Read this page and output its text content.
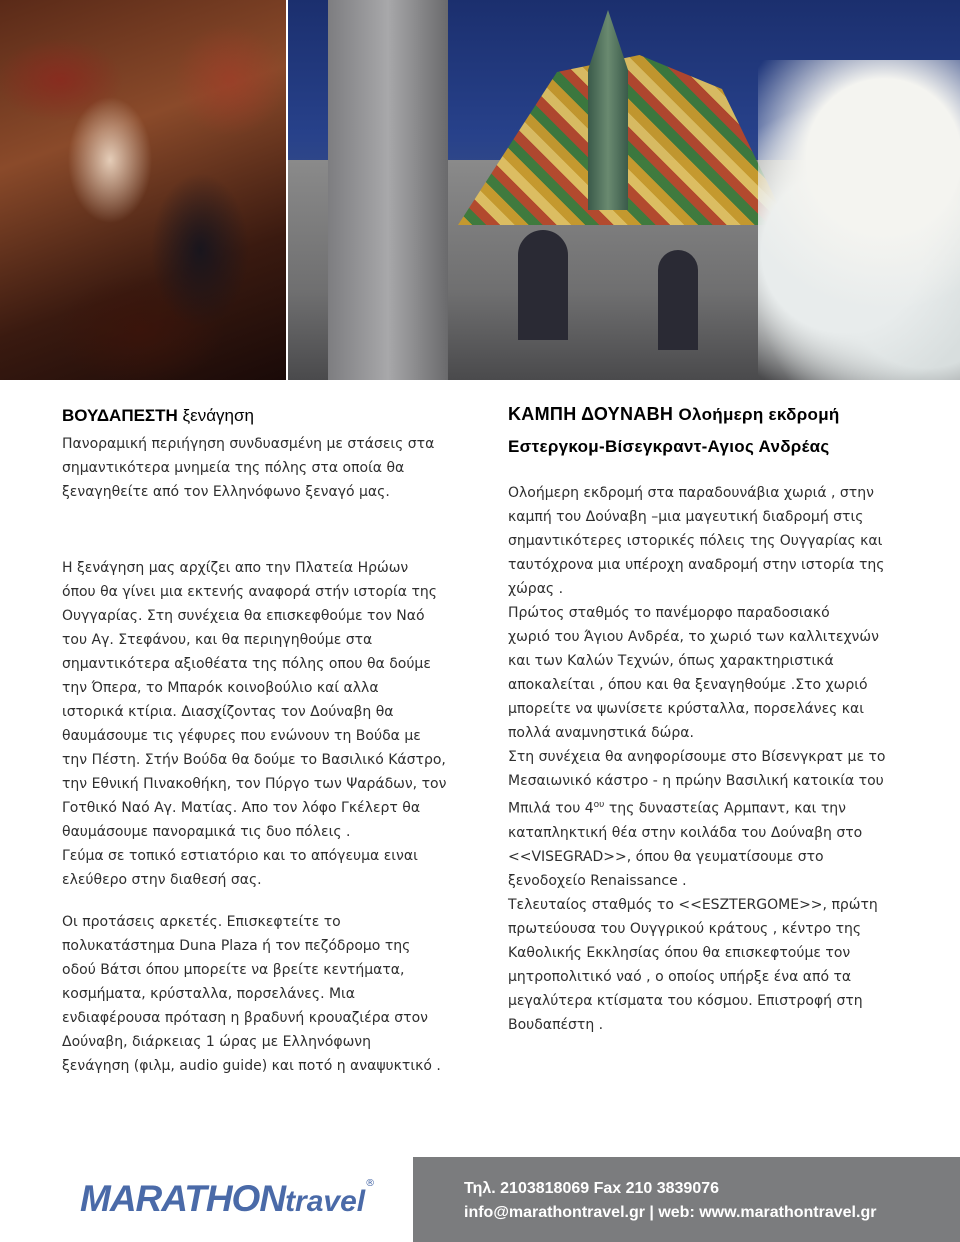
ΒΟΥΔΑΠΕΣΤΗ ξενάγηση
Πανοραμική περιήγηση συνδυασμένη με στάσεις στα
σημαντικότερα μνημεία της πόλης στα οποία θα
ξεναγηθείτε από τον Ελληνόφωνο ξεναγό μας.
Η ξενάγηση μας αρχίζει απο την Πλατεία Ηρώων
όπου θα γίνει μια εκτενής αναφορά στήν ιστορία της
Ουγγαρίας. Στη συνέχεια θα επισκεφθούμε τον Ναό
του Αγ. Στεφάνου, και θα περιηγηθούμε στα
σημαντικότερα αξιοθέατα της πόλης οπου θα δούμε
την Όπερα, το Μπαρόκ κοινοβούλιο καί αλλα
ιστορικά κτίρια. Διασχίζοντας τον Δούναβη θα
θαυμάσουμε τις γέφυρες που ενώνουν τη Βούδα με
την Πέστη. Στήν Βούδα θα δούμε το Βασιλικό Κάστρο,
την Εθνική Πινακοθήκη, τον Πύργο των Ψαράδων, τον
Γοτθικό Ναό Αγ. Ματίας. Απο τον λόφο Γκέλερτ θα
θαυμάσουμε πανοραμικά τις δυο πόλεις .
Γεύμα σε τοπικό εστιατόριο και το απόγευμα ειναι
ελεύθερο στην διαθεσή σας.
Οι προτάσεις αρκετές. Επισκεφτείτε το
πολυκατάστημα Duna Plaza ή τον πεζόδρομο της
οδού Βάτσι όπου μπορείτε να βρείτε κεντήματα,
κοσμήματα, κρύσταλλα, πορσελάνες. Μια
ενδιαφέρουσα πρόταση η βραδυνή κρουαζιέρα στον
Δούναβη, διάρκειας 1 ώρας με Ελληνόφωνη
ξενάγηση (φιλμ, audio guide) και ποτό η αναψυκτικό .
ΚΑΜΠΗ ΔΟΥΝΑΒΗ Ολοήμερη εκδρομή
Εστεργκομ-Βίσεγκραντ-Αγιος Ανδρέας
Ολοήμερη εκδρομή στα παραδουνάβια χωριά , στην
καμπή του Δούναβη –μια μαγευτική διαδρομή στις
σημαντικότερες ιστορικές πόλεις της Ουγγαρίας και
ταυτόχρονα μια υπέροχη αναδρομή στην ιστορία της
χώρας .
Πρώτος σταθμός το πανέμορφο παραδοσιακό
χωριό του Άγιου Ανδρέα, το χωριό των καλλιτεχνών
και των Καλών Τεχνών, όπως χαρακτηριστικά
αποκαλείται , όπου και θα ξεναγηθούμε .Στο χωριό
μπορείτε να ψωνίσετε κρύσταλλα, πορσελάνες και
πολλά αναμνηστικά δώρα.
Στη συνέχεια θα ανηφορίσουμε στο Βίσενγκρατ με το
Μεσαιωνικό κάστρο - η πρώην Βασιλική κατοικία του
Μπιλά του $4^{o\upsilon}$ της δυναστείας Αρμπαντ, και την
καταπληκτική θέα στην κοιλάδα του Δούναβη στο
<<VISEGRAD>>, όπου θα γευματίσουμε στο
ξενοδοχείο Renaissance .
Τελευταίος σταθμός το <<ESZTERGOME>>, πρώτη
πρωτεύουσα του Ουγγρικού κράτους , κέντρο της
Καθολικής Εκκλησίας όπου θα επισκεφτούμε τον
μητροπολιτικό ναό , ο οποίος υπήρξε ένα από τα
μεγαλύτερα κτίσματα του κόσμου. Επιστροφή στη
Βουδαπέστη .
MARATHONtravel®	Τηλ. 2103818069 Fax 210 3839076
info@marathontravel.gr | web: www.marathontravel.gr
